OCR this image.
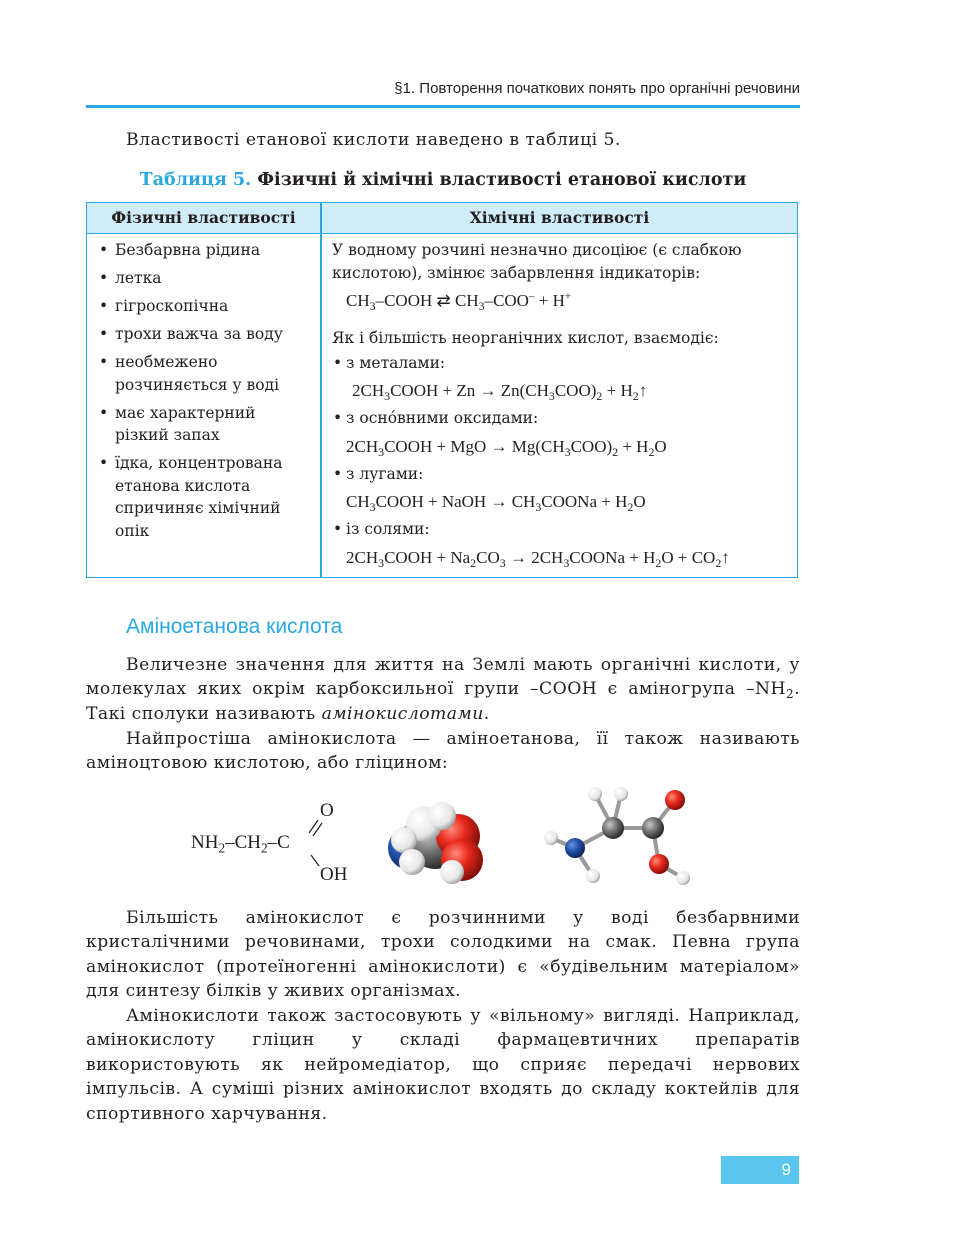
§1. Повторення початкових понять про органічні речовини

Властивості етанової кислоти наведено в таблиці 5.

Таблиця 5. Фізичні й хімічні властивості етанової кислоти
Фізичні властивості	Хімічні властивості
• Безбарвна рідина
• летка
• гігроскопічна
• трохи важча за воду
• необмежено розчиняється у воді
• має характерний різкий запах
• їдка, концентрована етанова кислота спричиняє хімічний опік
У водному розчині незначно дисоціює (є слабкою кислотою), змінює забарвлення індикаторів:
$CH_3$–COOH ⇄ $CH_3-COO^- + H^+$
Як і більшість неорганічних кислот, взаємодіє:
• з металами:
$2CH_3COOH + Zn \to Zn(CH_3COO)_2$ + $H_2↑$
• з осно́вними оксидами:
$2CH_3COOH$ + MgO → $Mg(CH_3COO)_2 + H_2O$
• з лугами:
$CH_3COOH$ + NaOH → $CH_3COONa + H_2O$
• із солями:
$2CH_3COOH + Na_2CO_3$ → $2CH_3COONa + H_2O$ + $CO_2↑$
Аміноетанова кислота

Величезне значення для життя на Землі мають органічні кислоти, у молекулах яких окрім карбоксильної групи –COOH є аміногрупа $-NH_2$. Такі сполуки називають амінокислотами.

Найпростіша амінокислота — аміноетанова, її також називають аміноцтовою кислотою, або гліцином:

O
$NH_2-CH_2-C$
OH

Більшість амінокислот є розчинними у воді безбарвними кристалічними речовинами, трохи солодкими на смак. Певна група амінокислот (протеїногенні амінокислоти) є «будівельним матеріалом» для синтезу білків у живих організмах.

Амінокислоти також застосовують у «вільному» вигляді. Наприклад, амінокислоту гліцин у складі фармацевтичних препаратів використовують як нейромедіатор, що сприяє передачі нервових імпульсів. А суміші різних амінокислот входять до складу коктейлів для спортивного харчування.

9
